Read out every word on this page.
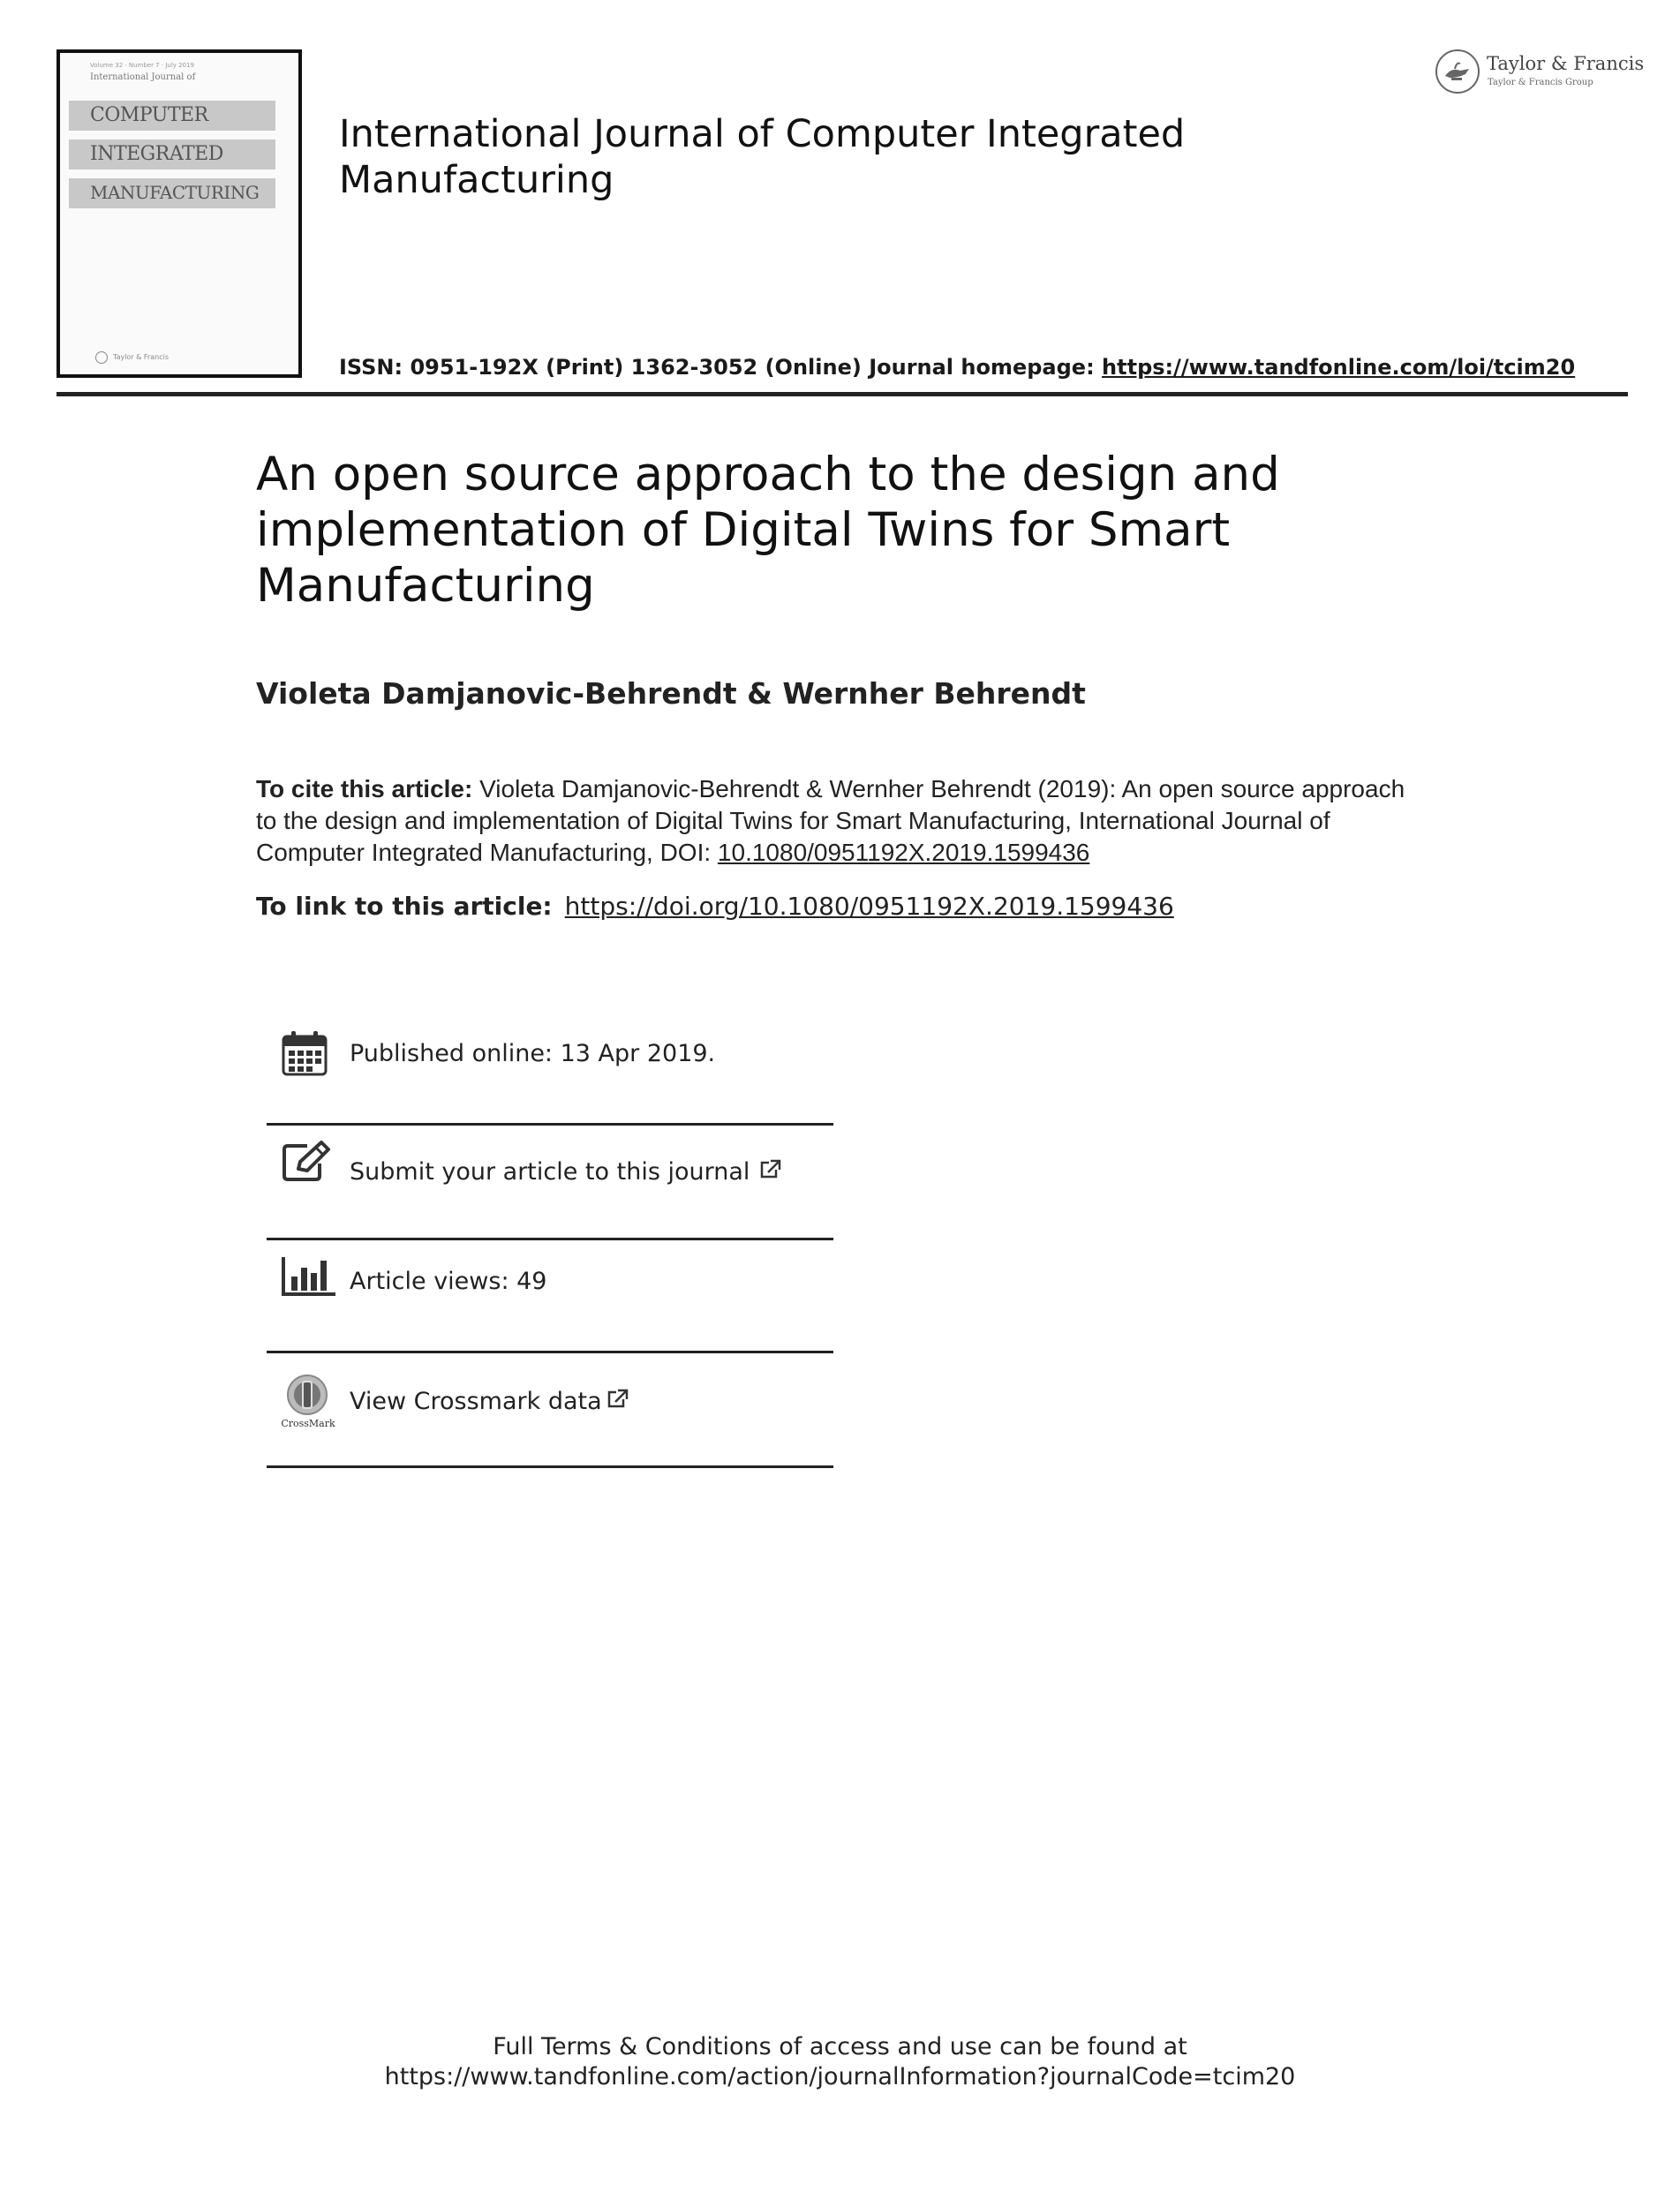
Volume 32 · Number 7 · July 2019
International Journal of
COMPUTER
INTEGRATED
MANUFACTURING
Taylor & Francis
International Journal of Computer Integrated Manufacturing
ISSN: 0951-192X (Print) 1362-3052 (Online) Journal homepage: https://www.tandfonline.com/loi/tcim20
Taylor & Francis
Taylor & Francis Group
An open source approach to the design and implementation of Digital Twins for Smart Manufacturing
Violeta Damjanovic-Behrendt & Wernher Behrendt
To cite this article: Violeta Damjanovic-Behrendt & Wernher Behrendt (2019): An open source approach to the design and implementation of Digital Twins for Smart Manufacturing, International Journal of Computer Integrated Manufacturing, DOI: 10.1080/0951192X.2019.1599436
To link to this article: https://doi.org/10.1080/0951192X.2019.1599436
Published online: 13 Apr 2019.
Submit your article to this journal
Article views: 49
CrossMark
View Crossmark data
Full Terms & Conditions of access and use can be found at
https://www.tandfonline.com/action/journalInformation?journalCode=tcim20
